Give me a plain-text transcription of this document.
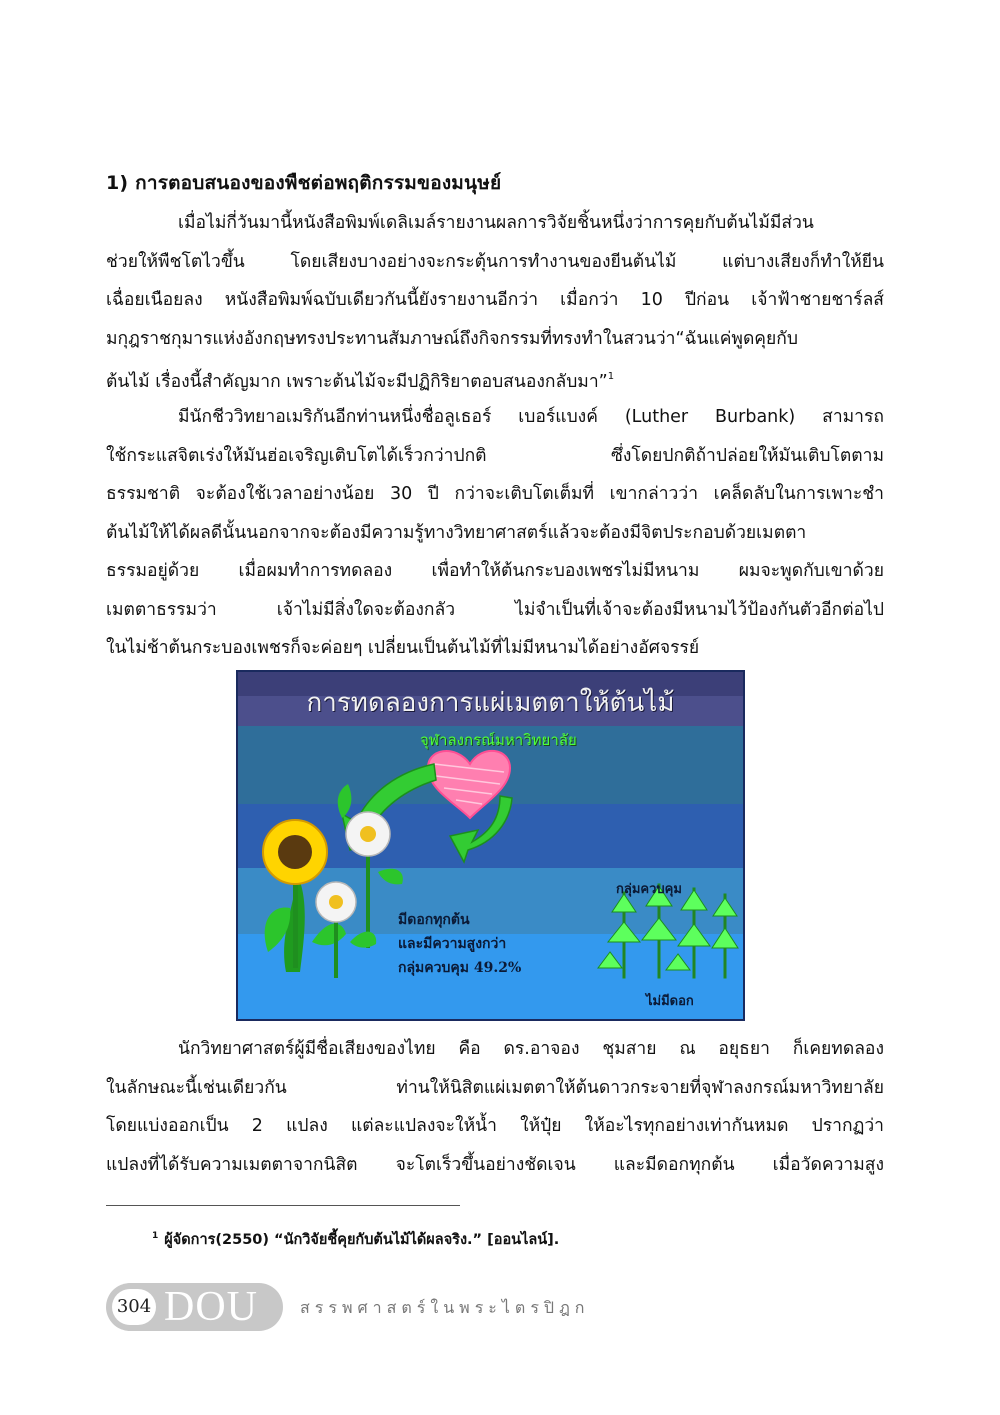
1) การตอบสนองของพืชต่อพฤติกรรมของมนุษย์
เมื่อไม่กี่วันมานี้หนังสือพิมพ์เดลิเมล์รายงานผลการวิจัยชิ้นหนึ่งว่าการคุยกับต้นไม้มีส่วน
ช่วยให้พืชโตไวขึ้น โดยเสียงบางอย่างจะกระตุ้นการทำงานของยีนต้นไม้ แต่บางเสียงก็ทำให้ยีน
เฉื่อยเนือยลง หนังสือพิมพ์ฉบับเดียวกันนี้ยังรายงานอีกว่า เมื่อกว่า 10 ปีก่อน เจ้าฟ้าชายชาร์ลส์
มกุฎราชกุมารแห่งอังกฤษทรงประทานสัมภาษณ์ถึงกิจกรรมที่ทรงทำในสวนว่า“ฉันแค่พูดคุยกับ
ต้นไม้ เรื่องนี้สำคัญมาก เพราะต้นไม้จะมีปฏิกิริยาตอบสนองกลับมา”$^1$
มีนักชีววิทยาอเมริกันอีกท่านหนึ่งชื่อลูเธอร์ เบอร์แบงค์ (Luther Burbank) สามารถ
ใช้กระแสจิตเร่งให้มันฮ่อเจริญเติบโตได้เร็วกว่าปกติ ซึ่งโดยปกติถ้าปล่อยให้มันเติบโตตาม
ธรรมชาติ จะต้องใช้เวลาอย่างน้อย 30 ปี กว่าจะเติบโตเต็มที่ เขากล่าวว่า เคล็ดลับในการเพาะชำ
ต้นไม้ให้ได้ผลดีนั้นนอกจากจะต้องมีความรู้ทางวิทยาศาสตร์แล้วจะต้องมีจิตประกอบด้วยเมตตา
ธรรมอยู่ด้วย เมื่อผมทำการทดลอง เพื่อทำให้ต้นกระบองเพชรไม่มีหนาม ผมจะพูดกับเขาด้วย
เมตตาธรรมว่า เจ้าไม่มีสิ่งใดจะต้องกลัว ไม่จำเป็นที่เจ้าจะต้องมีหนามไว้ป้องกันตัวอีกต่อไป
ในไม่ช้าต้นกระบองเพชรก็จะค่อยๆ เปลี่ยนเป็นต้นไม้ที่ไม่มีหนามได้อย่างอัศจรรย์
การทดลองการแผ่เมตตาให้ต้นไม้
จุฬาลงกรณ์มหาวิทยาลัย
มีดอกทุกต้น
และมีความสูงกว่า
กลุ่มควบคุม 49.2%
กลุ่มควบคุม
ไม่มีดอก
นักวิทยาศาสตร์ผู้มีชื่อเสียงของไทย คือ ดร.อาจอง ชุมสาย ณ อยุธยา ก็เคยทดลอง
ในลักษณะนี้เช่นเดียวกัน ท่านให้นิสิตแผ่เมตตาให้ต้นดาวกระจายที่จุฬาลงกรณ์มหาวิทยาลัย
โดยแบ่งออกเป็น 2 แปลง แต่ละแปลงจะให้น้ำ ให้ปุ๋ย ให้อะไรทุกอย่างเท่ากันหมด ปรากฏว่า
แปลงที่ได้รับความเมตตาจากนิสิต จะโตเร็วขึ้นอย่างชัดเจน และมีดอกทุกต้น เมื่อวัดความสูง
$^1$ ผู้จัดการ(2550) “นักวิจัยชี้คุยกับต้นไม้ได้ผลจริง.” [ออนไลน์].
304 DOU	สรรพศาสตร์ในพระไตรปิฎก
